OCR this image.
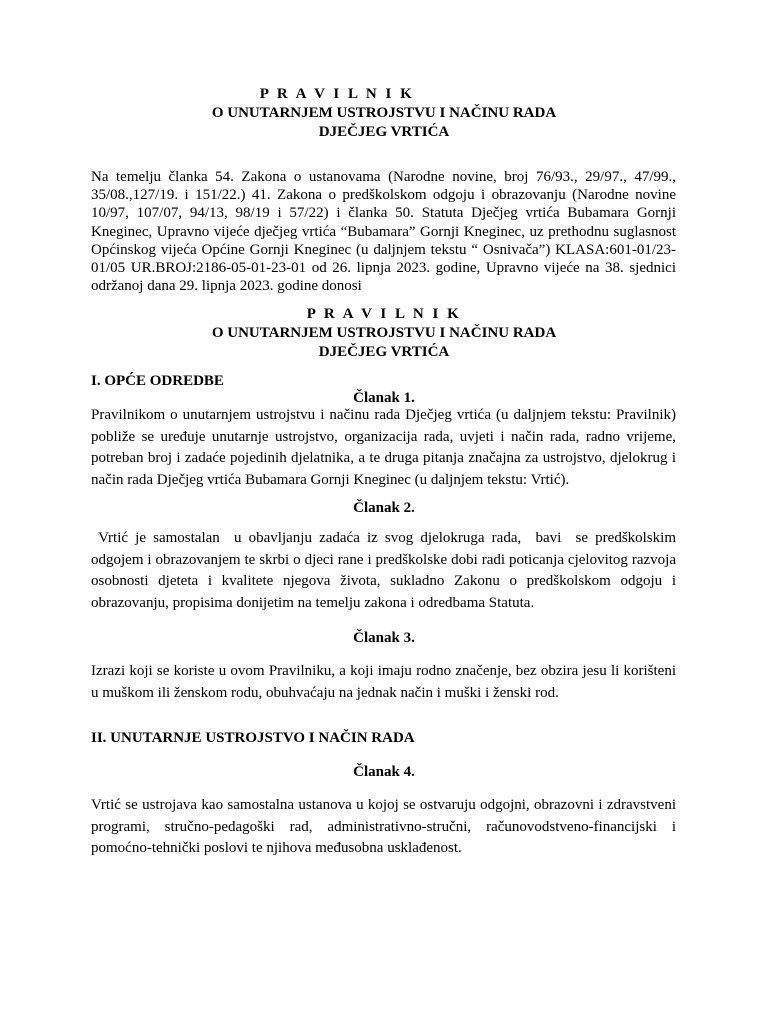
P R A V I L N I K
O UNUTARNJEM USTROJSTVU I NAČINU RADA
DJEČJEG VRTIĆA

Na temelju članka 54. Zakona o ustanovama (Narodne novine, broj 76/93., 29/97., 47/99., 35/08.,127/19. i 151/22.) 41. Zakona o predškolskom odgoju i obrazovanju (Narodne novine 10/97, 107/07, 94/13, 98/19 i 57/22) i članka 50. Statuta Dječjeg vrtića Bubamara Gornji Kneginec, Upravno vijeće dječjeg vrtića “Bubamara” Gornji Kneginec, uz prethodnu suglasnost Općinskog vijeća Općine Gornji Kneginec (u daljnjem tekstu “ Osnivača”) KLASA:601-01/23-01/05 UR.BROJ:2186-05-01-23-01 od 26. lipnja 2023. godine, Upravno vijeće na 38. sjednici održanoj dana 29. lipnja 2023. godine donosi

P R A V I L N I K
O UNUTARNJEM USTROJSTVU I NAČINU RADA
DJEČJEG VRTIĆA
I. OPĆE ODREDBE
Članak 1.

Pravilnikom o unutarnjem ustrojstvu i načinu rada Dječjeg vrtića (u daljnjem tekstu: Pravilnik) pobliže se uređuje unutarnje ustrojstvo, organizacija rada, uvjeti i način rada, radno vrijeme, potreban broj i zadaće pojedinih djelatnika, a te druga pitanja značajna za ustrojstvo, djelokrug i način rada Dječjeg vrtića Bubamara Gornji Kneginec (u daljnjem tekstu: Vrtić).

Članak 2.

Vrtić je samostalan  u obavljanju zadaća iz svog djelokruga rada,  bavi  se predškolskim odgojem i obrazovanjem te skrbi o djeci rane i predškolske dobi radi poticanja cjelovitog razvoja osobnosti djeteta i kvalitete njegova života, sukladno Zakonu o predškolskom odgoju i obrazovanju, propisima donijetim na temelju zakona i odredbama Statuta.

Članak 3.

Izrazi koji se koriste u ovom Pravilniku, a koji imaju rodno značenje, bez obzira jesu li korišteni u muškom ili ženskom rodu, obuhvaćaju na jednak način i muški i ženski rod.

II. UNUTARNJE USTROJSTVO I NAČIN RADA
Članak 4.

Vrtić se ustrojava kao samostalna ustanova u kojoj se ostvaruju odgojni, obrazovni i zdravstveni programi, stručno-pedagoški rad, administrativno-stručni, računovodstveno-financijski i pomoćno-tehnički poslovi te njihova međusobna usklađenost.
